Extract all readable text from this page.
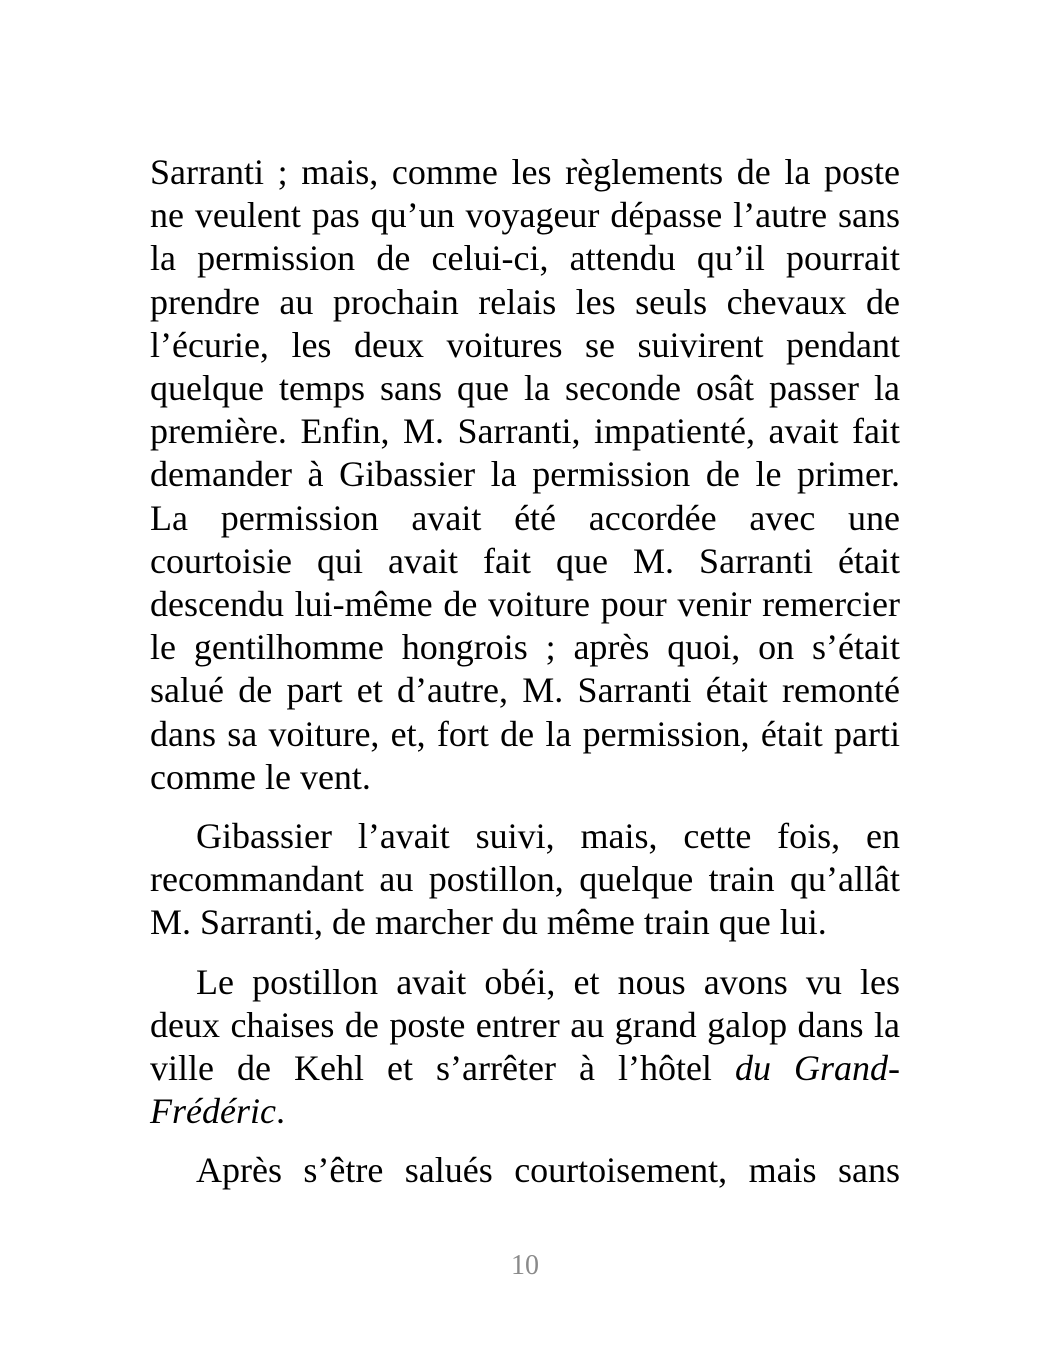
Sarranti ; mais, comme les règlements de la poste ne veulent pas qu’un voyageur dépasse l’autre sans la permission de celui-ci, attendu qu’il pourrait prendre au prochain relais les seuls chevaux de l’écurie, les deux voitures se suivirent pendant quelque temps sans que la seconde osât passer la première. Enfin, M. Sarranti, impatienté, avait fait demander à Gibassier la permission de le primer. La permission avait été accordée avec une courtoisie qui avait fait que M. Sarranti était descendu lui-même de voiture pour venir remercier le gentilhomme hongrois ; après quoi, on s’était salué de part et d’autre, M. Sarranti était remonté dans sa voiture, et, fort de la permission, était parti comme le vent.

Gibassier l’avait suivi, mais, cette fois, en recommandant au postillon, quelque train qu’allât M. Sarranti, de marcher du même train que lui.

Le postillon avait obéi, et nous avons vu les deux chaises de poste entrer au grand galop dans la ville de Kehl et s’arrêter à l’hôtel du Grand-Frédéric.

Après s’être salués courtoisement, mais sans

10
